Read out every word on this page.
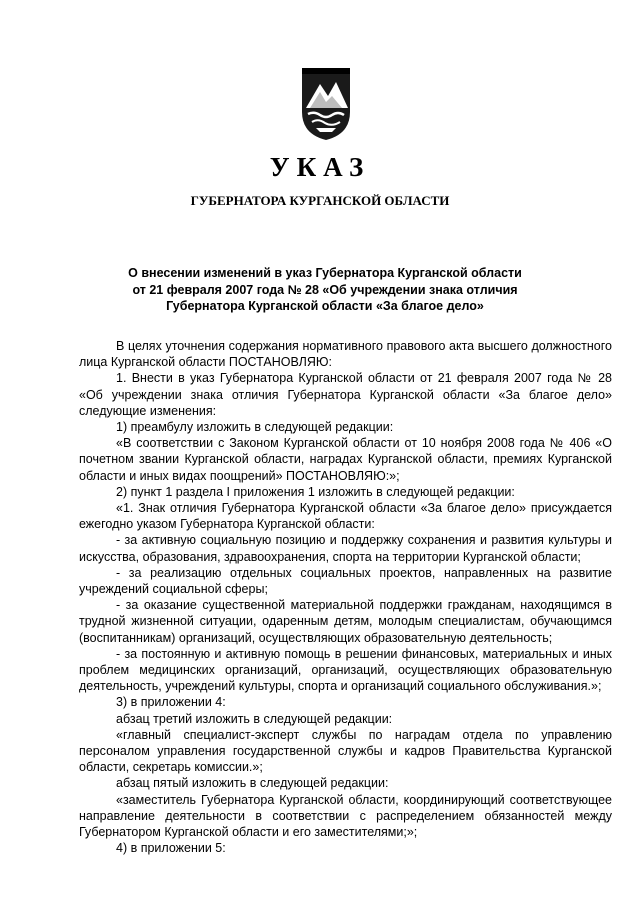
УКАЗ
ГУБЕРНАТОРА КУРГАНСКОЙ ОБЛАСТИ
О внесении изменений в указ Губернатора Курганской области
от 21 февраля 2007 года № 28 «Об учреждении знака отличия
Губернатора Курганской области «За благое дело»

В целях уточнения содержания нормативного правового акта высшего должностного лица Курганской области ПОСТАНОВЛЯЮ:

1. Внести в указ Губернатора Курганской области от 21 февраля 2007 года № 28 «Об учреждении знака отличия Губернатора Курганской области «За благое дело» следующие изменения:

1) преамбулу изложить в следующей редакции:

«В соответствии с Законом Курганской области от 10 ноября 2008 года № 406 «О почетном звании Курганской области, наградах Курганской области, премиях Курганской области и иных видах поощрений» ПОСТАНОВЛЯЮ:»;

2) пункт 1 раздела I приложения 1 изложить в следующей редакции:

«1. Знак отличия Губернатора Курганской области «За благое дело» присуждается ежегодно указом Губернатора Курганской области:

- за активную социальную позицию и поддержку сохранения и развития культуры и искусства, образования, здравоохранения, спорта на территории Курганской области;

- за реализацию отдельных социальных проектов, направленных на развитие учреждений социальной сферы;

- за оказание существенной материальной поддержки гражданам, находящимся в трудной жизненной ситуации, одаренным детям, молодым специалистам, обучающимся (воспитанникам) организаций, осуществляющих образовательную деятельность;

- за постоянную и активную помощь в решении финансовых, материальных и иных проблем медицинских организаций, организаций, осуществляющих образовательную деятельность, учреждений культуры, спорта и организаций социального обслуживания.»;

3) в приложении 4:

абзац третий изложить в следующей редакции:

«главный специалист-эксперт службы по наградам отдела по управлению персоналом управления государственной службы и кадров Правительства Курганской области, секретарь комиссии.»;

абзац пятый изложить в следующей редакции:

«заместитель Губернатора Курганской области, координирующий соответствующее направление деятельности в соответствии с распределением обязанностей между Губернатором Курганской области и его заместителями;»;

4) в приложении 5:
